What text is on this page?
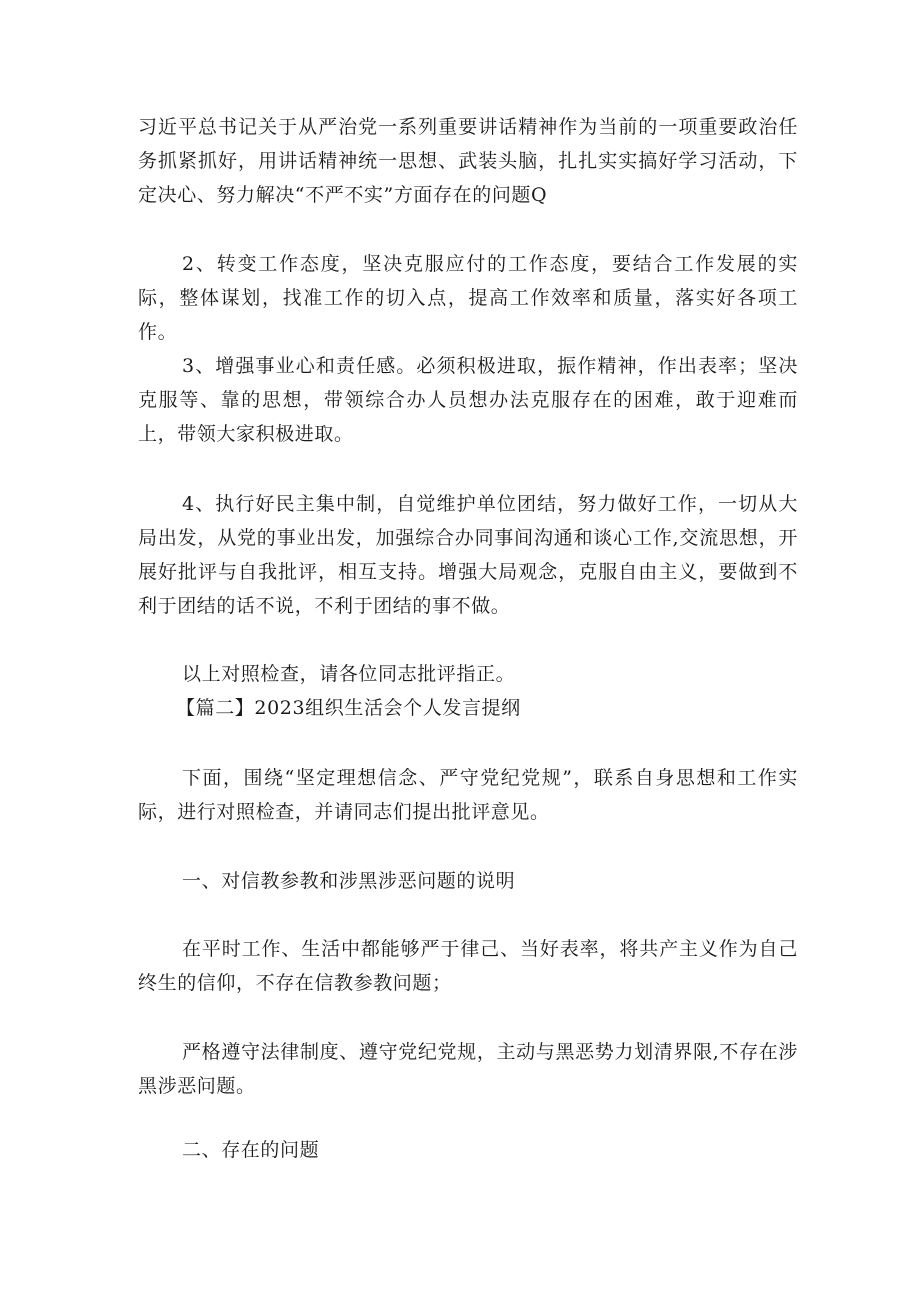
习近平总书记关于从严治党一系列重要讲话精神作为当前的一项重要政治任务抓紧抓好，用讲话精神统一思想、武装头脑，扎扎实实搞好学习活动，下定决心、努力解决“不严不实”方面存在的问题Q

2、转变工作态度，坚决克服应付的工作态度，要结合工作发展的实际，整体谋划，找准工作的切入点，提高工作效率和质量，落实好各项工作。

3、增强事业心和责任感。必须积极进取，振作精神，作出表率；坚决克服等、靠的思想，带领综合办人员想办法克服存在的困难，敢于迎难而上，带领大家积极进取。

4、执行好民主集中制，自觉维护单位团结，努力做好工作，一切从大局出发，从党的事业出发，加强综合办同事间沟通和谈心工作,交流思想，开展好批评与自我批评，相互支持。增强大局观念，克服自由主义，要做到不利于团结的话不说，不利于团结的事不做。

以上对照检查，请各位同志批评指正。

【篇二】2023组织生活会个人发言提纲

下面，围绕“坚定理想信念、严守党纪党规”，联系自身思想和工作实际，进行对照检查，并请同志们提出批评意见。

一、对信教参教和涉黑涉恶问题的说明

在平时工作、生活中都能够严于律己、当好表率，将共产主义作为自己终生的信仰，不存在信教参教问题；

严格遵守法律制度、遵守党纪党规，主动与黑恶势力划清界限,不存在涉黑涉恶问题。

二、存在的问题
